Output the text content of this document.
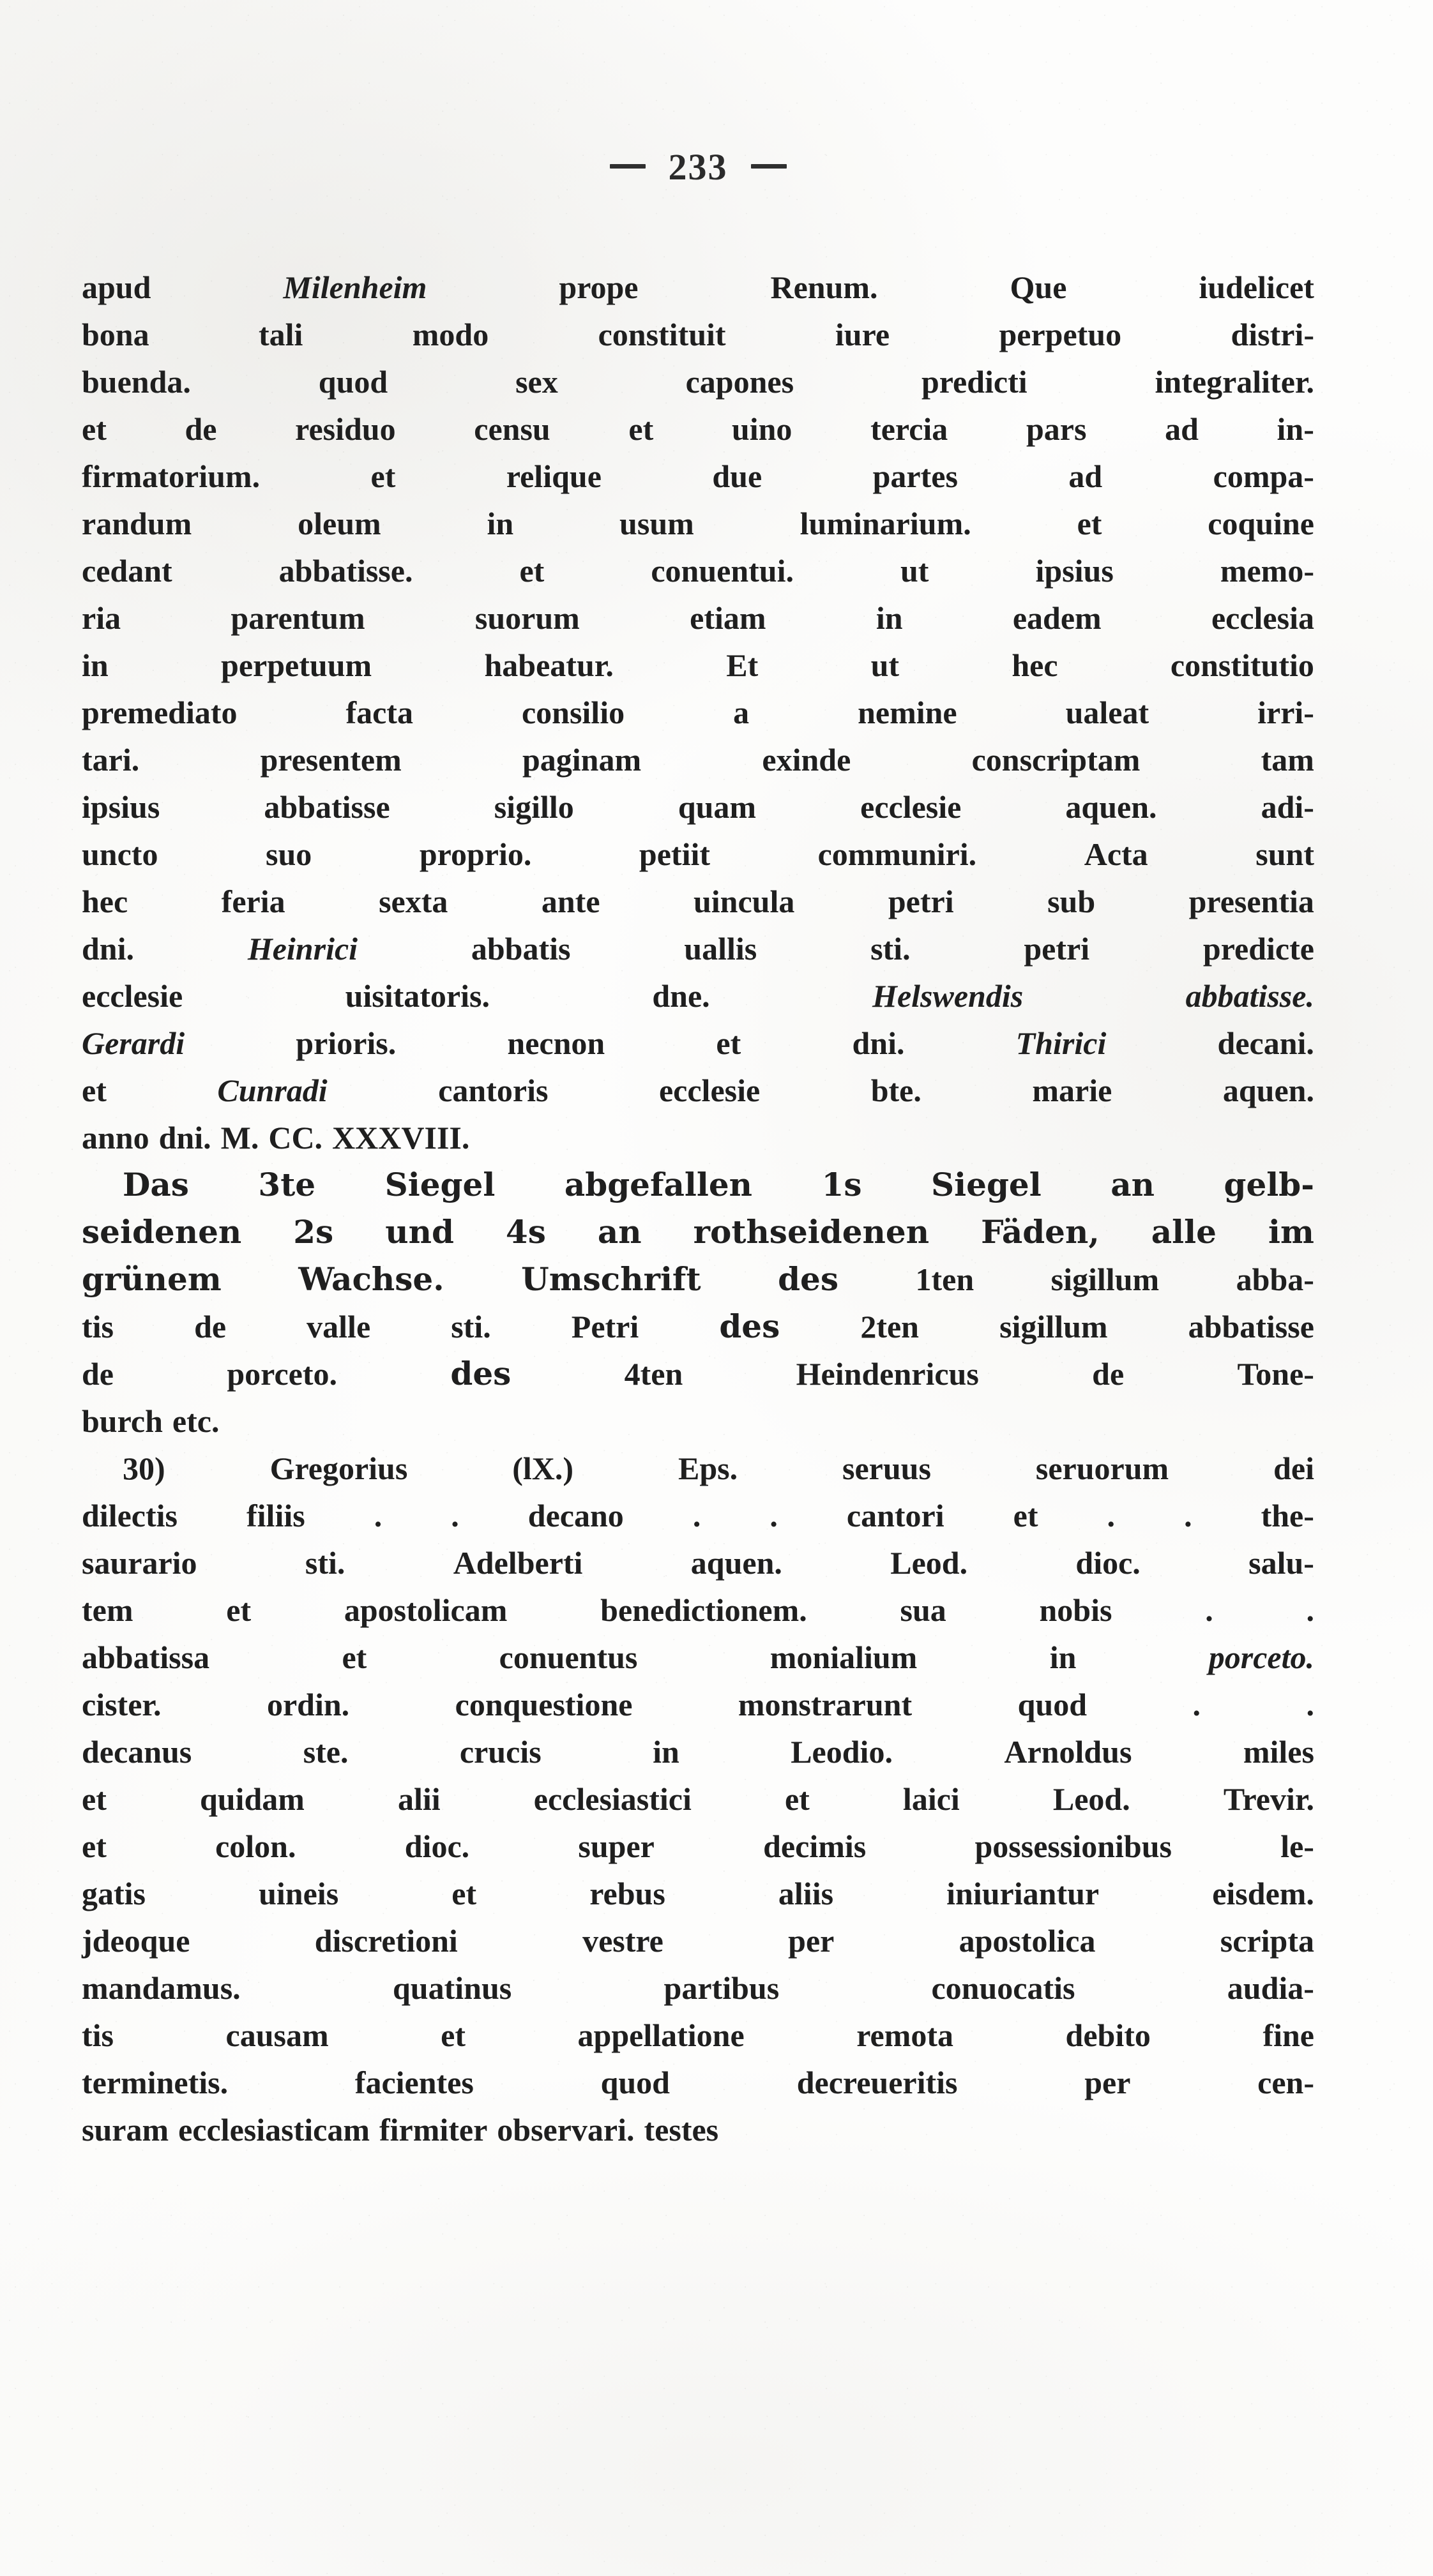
233
apud	Milenheim	prope	Renum.	Que	iudelicet
bona	tali	modo	constituit	iure	perpetuo	distri-
buenda.	quod	sex	capones	predicti	integraliter.
et de residuo censu et uino tercia pars ad in-
firmatorium.	et	relique	due	partes	ad	compa-
randum	oleum	in	usum	luminarium.	et	coquine
cedant	abbatisse.	et	conuentui.	ut	ipsius	memo-
ria	parentum	suorum	etiam	in	eadem	ecclesia
in	perpetuum	habeatur.	Et	ut	hec	constitutio
premediato	facta	consilio	a	nemine	ualeat	irri-
tari.	presentem	paginam	exinde	conscriptam	tam
ipsius	abbatisse	sigillo	quam	ecclesie	aquen.	adi-
uncto	suo	proprio.	petiit	communiri.	Acta	sunt
hec	feria	sexta	ante	uincula	petri	sub	presentia
dni.	Heinrici	abbatis	uallis	sti.	petri	predicte
ecclesie	uisitatoris.	dne.	Helswendis	abbatisse.
Gerardi	prioris.	necnon	et	dni.	Thirici	decani.
et	Cunradi	cantoris	ecclesie	bte.	marie	aquen.
anno dni. M. CC. XXXVIII.
Das 3te Siegel abgefallen 1s Siegel an gelb-
seidenen 2s und 4s an rothseidenen Fäden, alle im
grünem Wachse. Umschrift des 1ten sigillum abba-
tis	de	valle	sti.	Petri	des	2ten	sigillum	abbatisse
de	porceto.	des	4ten	Heindenricus	de	Tone-
burch etc.
30)	Gregorius	(lX.)	Eps.	seruus	seruorum	dei
dilectis filiis . . decano . . cantori et . . the-
saurario	sti.	Adelberti	aquen.	Leod.	dioc.	salu-
tem	et	apostolicam	benedictionem.	sua	nobis	.	.
abbatissa	et	conuentus	monialium	in	porceto.
cister.	ordin.	conquestione	monstrarunt	quod	.	.
decanus	ste.	crucis	in	Leodio.	Arnoldus	miles
et	quidam	alii	ecclesiastici	et	laici	Leod.	Trevir.
et	colon.	dioc.	super	decimis	possessionibus	le-
gatis	uineis	et	rebus	aliis	iniuriantur	eisdem.
jdeoque	discretioni	vestre	per	apostolica	scripta
mandamus.	quatinus	partibus	conuocatis	audia-
tis	causam	et	appellatione	remota	debito	fine
terminetis.	facientes	quod	decreueritis	per	cen-
suram ecclesiasticam firmiter observari. testes
